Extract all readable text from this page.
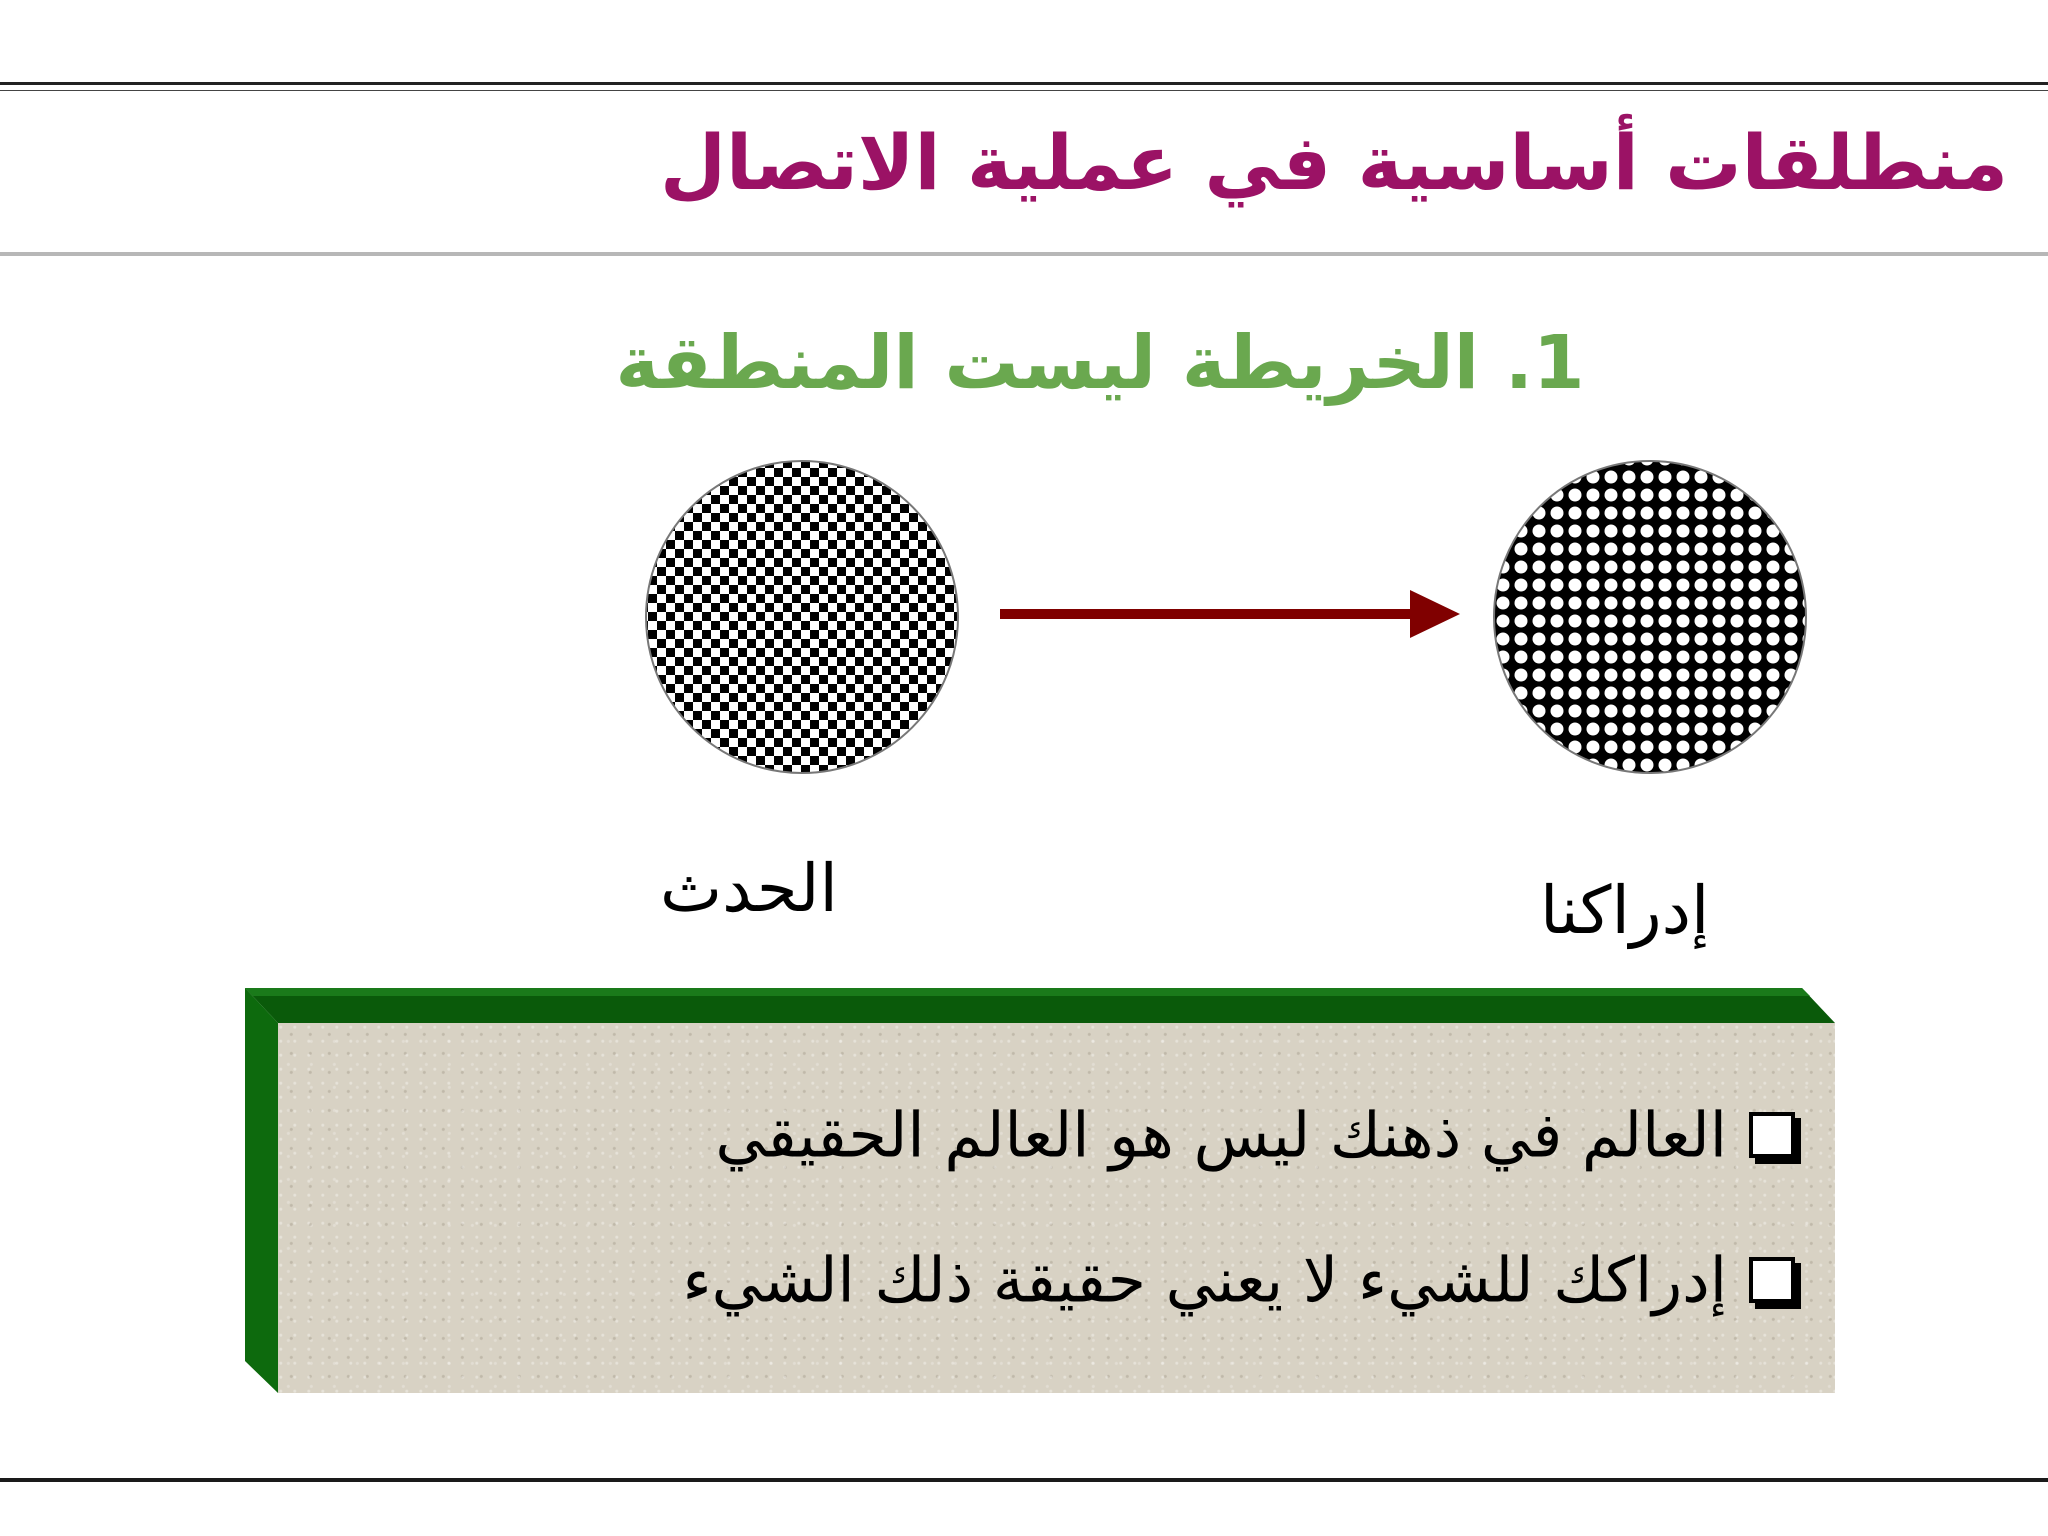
منطلقات أساسية في عملية الاتصال
1. الخريطة ليست المنطقة
الحدث	إدراكنا
العالم في ذهنك ليس هو العالم الحقيقي
إدراكك للشيء لا يعني حقيقة ذلك الشيء
